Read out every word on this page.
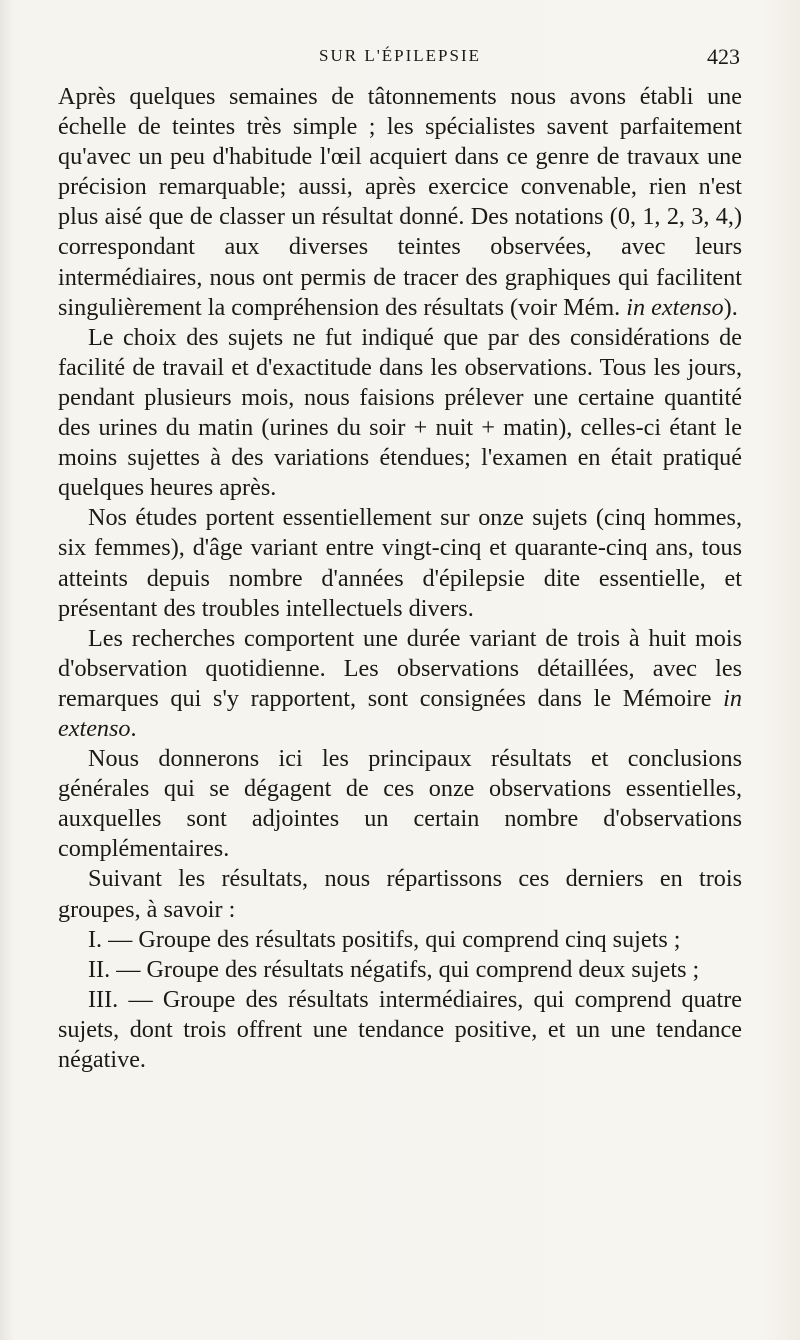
SUR L'ÉPILEPSIE	423

Après quelques semaines de tâtonnements nous avons établi une échelle de teintes très simple ; les spécialistes savent parfaitement qu'avec un peu d'habitude l'œil acquiert dans ce genre de travaux une précision remarquable; aussi, après exercice convenable, rien n'est plus aisé que de classer un résultat donné. Des notations (0, 1, 2, 3, 4,) correspondant aux diverses teintes observées, avec leurs intermédiaires, nous ont permis de tracer des graphiques qui facilitent singulièrement la compréhension des résultats (voir Mém. in extenso).

Le choix des sujets ne fut indiqué que par des considérations de facilité de travail et d'exactitude dans les observations. Tous les jours, pendant plusieurs mois, nous faisions prélever une certaine quantité des urines du matin (urines du soir + nuit + matin), celles-ci étant le moins sujettes à des variations étendues; l'examen en était pratiqué quelques heures après.

Nos études portent essentiellement sur onze sujets (cinq hommes, six femmes), d'âge variant entre vingt-cinq et quarante-cinq ans, tous atteints depuis nombre d'années d'épilepsie dite essentielle, et présentant des troubles intellectuels divers.

Les recherches comportent une durée variant de trois à huit mois d'observation quotidienne. Les observations détaillées, avec les remarques qui s'y rapportent, sont consignées dans le Mémoire in extenso.

Nous donnerons ici les principaux résultats et conclusions générales qui se dégagent de ces onze observations essentielles, auxquelles sont adjointes un certain nombre d'observations complémentaires.

Suivant les résultats, nous répartissons ces derniers en trois groupes, à savoir :

I. — Groupe des résultats positifs, qui comprend cinq sujets ;

II. — Groupe des résultats négatifs, qui comprend deux sujets ;

III. — Groupe des résultats intermédiaires, qui comprend quatre sujets, dont trois offrent une tendance positive, et un une tendance négative.
